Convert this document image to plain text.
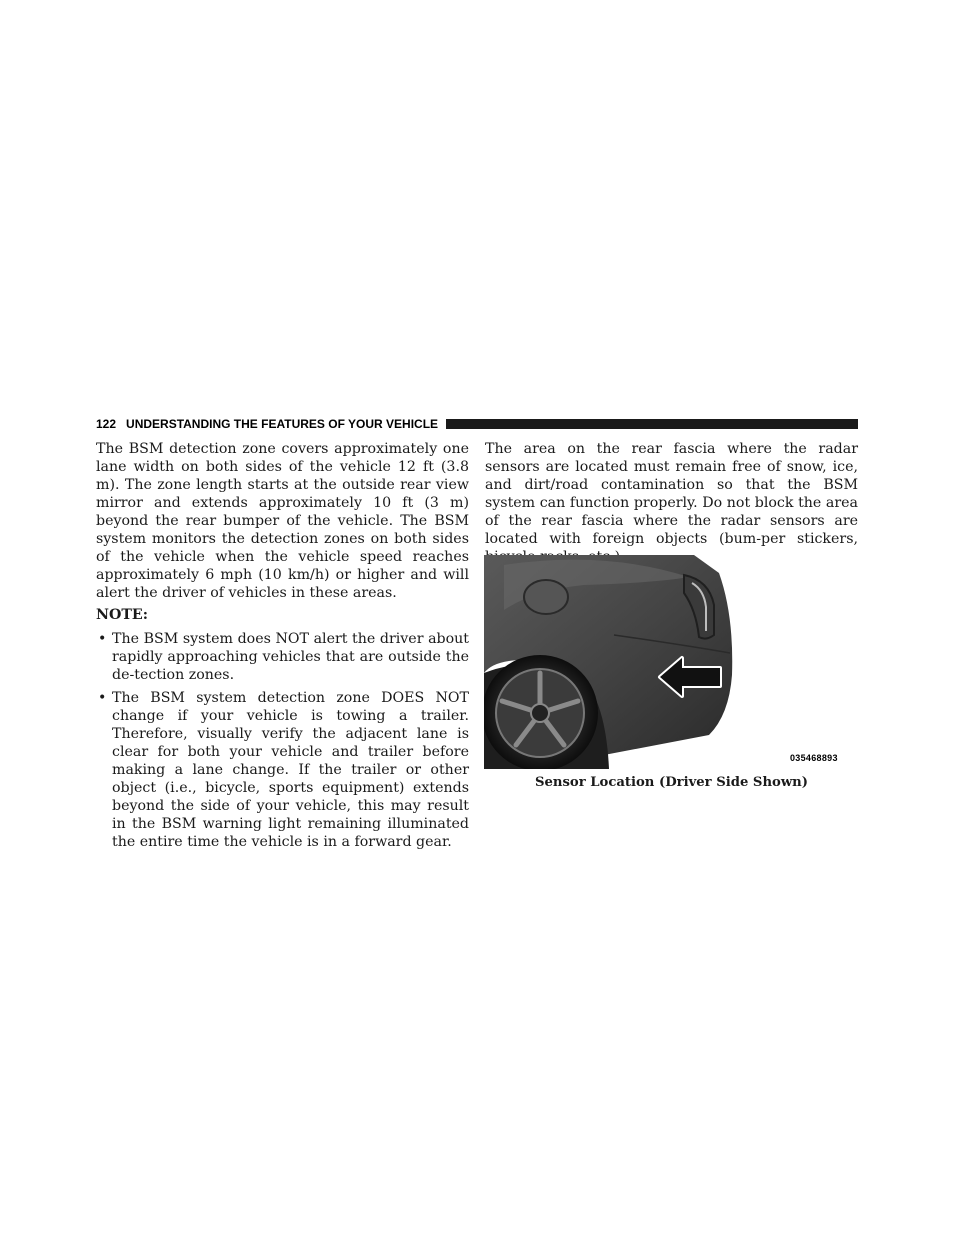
122 UNDERSTANDING THE FEATURES OF YOUR VEHICLE

The BSM detection zone covers approximately one lane width on both sides of the vehicle 12 ft (3.8 m). The zone length starts at the outside rear view mirror and extends approximately 10 ft (3 m) beyond the rear bumper of the vehicle. The BSM system monitors the detection zones on both sides of the vehicle when the vehicle speed reaches approximately 6 mph (10 km/h) or higher and will alert the driver of vehicles in these areas.

NOTE:
• The BSM system does NOT alert the driver about rapidly approaching vehicles that are outside the de-tection zones.
• The BSM system detection zone DOES NOT change if your vehicle is towing a trailer. Therefore, visually verify the adjacent lane is clear for both your vehicle and trailer before making a lane change. If the trailer or other object (i.e., bicycle, sports equipment) extends beyond the side of your vehicle, this may result in the BSM warning light remaining illuminated the entire time the vehicle is in a forward gear.

The area on the rear fascia where the radar sensors are located must remain free of snow, ice, and dirt/road contamination so that the BSM system can function properly. Do not block the area of the rear fascia where the radar sensors are located with foreign objects (bum-per stickers,

035468893
Sensor Location (Driver Side Shown)
